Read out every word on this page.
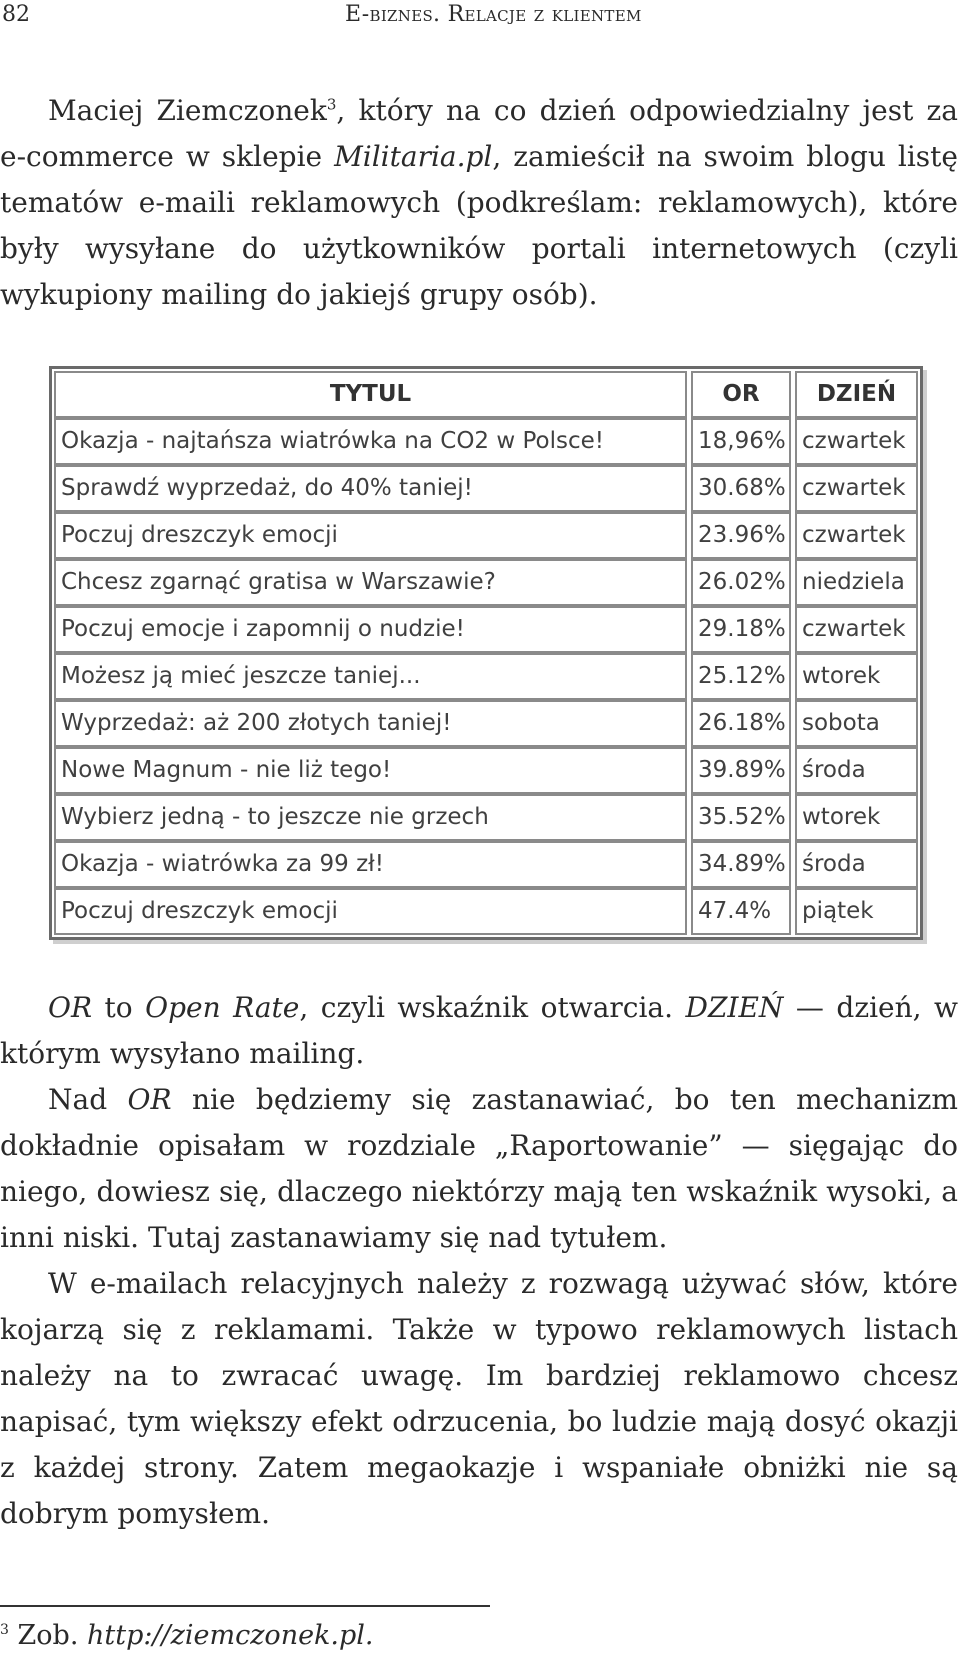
82	E-biznes. Relacje z klientem

Maciej Ziemczonek$^3$, który na co dzień odpowiedzialny jest za e-commerce w sklepie Militaria.pl, zamieścił na swoim blogu listę tematów e-maili reklamowych (podkreślam: reklamowych), które były wysyłane do użytkowników portali internetowych (czyli wykupiony mailing do jakiejś grupy osób).

TYTUL	OR	DZIEŃ
Okazja - najtańsza wiatrówka na CO2 w Polsce!	18,96% czwartek
Sprawdź wyprzedaż, do 40% taniej!	30.68% czwartek
Poczuj dreszczyk emocji	23.96% czwartek
Chcesz zgarnąć gratisa w Warszawie?	26.02% niedziela
Poczuj emocje i zapomnij o nudzie!	29.18% czwartek
Możesz ją mieć jeszcze taniej...	25.12% wtorek
Wyprzedaż: aż 200 złotych taniej!	26.18% sobota
Nowe Magnum - nie liż tego!	39.89% środa
Wybierz jedną - to jeszcze nie grzech	35.52% wtorek
Okazja - wiatrówka za 99 zł!	34.89% środa
Poczuj dreszczyk emocji	47.4%	piątek

OR to Open Rate, czyli wskaźnik otwarcia. DZIEŃ — dzień, w którym wysyłano mailing.

Nad OR nie będziemy się zastanawiać, bo ten mechanizm dokładnie opisałam w rozdziale „Raportowanie” — sięgając do niego, dowiesz się, dlaczego niektórzy mają ten wskaźnik wysoki, a inni niski. Tutaj zastanawiamy się nad tytułem.

W e-mailach relacyjnych należy z rozwagą używać słów, które kojarzą się z reklamami. Także w typowo reklamowych listach należy na to zwracać uwagę. Im bardziej reklamowo chcesz napisać, tym większy efekt odrzucenia, bo ludzie mają dosyć okazji z każdej strony. Zatem megaokazje i wspaniałe obniżki nie są dobrym pomysłem.

$^3$ Zob. http://ziemczonek.pl.
